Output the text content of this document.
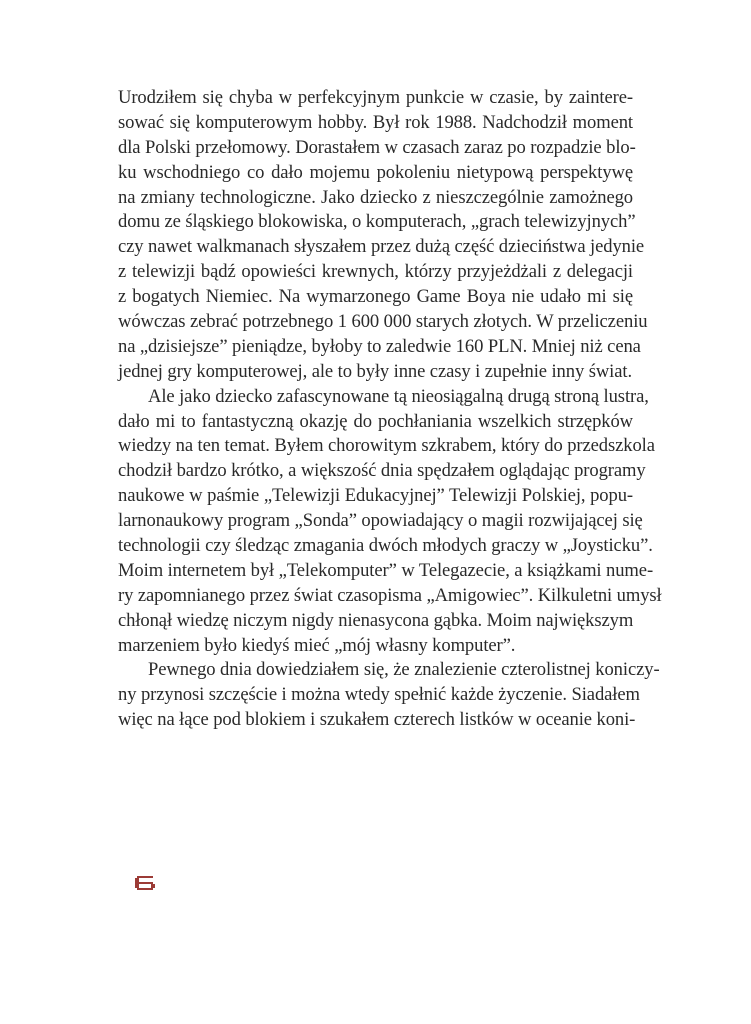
Urodziłem się chyba w perfekcyjnym punkcie w czasie, by zaintere-
sować się komputerowym hobby. Był rok 1988. Nadchodził moment
dla Polski przełomowy. Dorastałem w czasach zaraz po rozpadzie blo-
ku wschodniego co dało mojemu pokoleniu nietypową perspektywę
na zmiany technologiczne. Jako dziecko z nieszczególnie zamożnego
domu ze śląskiego blokowiska, o komputerach, „grach telewizyjnych”
czy nawet walkmanach słyszałem przez dużą część dzieciństwa jedynie
z telewizji bądź opowieści krewnych, którzy przyjeżdżali z delegacji
z bogatych Niemiec. Na wymarzonego Game Boya nie udało mi się
wówczas zebrać potrzebnego 1 600 000 starych złotych. W przeliczeniu
na „dzisiejsze” pieniądze, byłoby to zaledwie 160 PLN. Mniej niż cena
jednej gry komputerowej, ale to były inne czasy i zupełnie inny świat.
Ale jako dziecko zafascynowane tą nieosiągalną drugą stroną lustra,
dało mi to fantastyczną okazję do pochłaniania wszelkich strzępków
wiedzy na ten temat. Byłem chorowitym szkrabem, który do przedszkola
chodził bardzo krótko, a większość dnia spędzałem oglądając programy
naukowe w paśmie „Telewizji Edukacyjnej” Telewizji Polskiej, popu-
larnonaukowy program „Sonda” opowiadający o magii rozwijającej się
technologii czy śledząc zmagania dwóch młodych graczy w „Joysticku”.
Moim internetem był „Telekomputer” w Telegazecie, a książkami nume-
ry zapomnianego przez świat czasopisma „Amigowiec”. Kilkuletni umysł
chłonął wiedzę niczym nigdy nienasycona gąbka. Moim największym
marzeniem było kiedyś mieć „mój własny komputer”.
Pewnego dnia dowiedziałem się, że znalezienie czterolistnej koniczy-
ny przynosi szczęście i można wtedy spełnić każde życzenie. Siadałem
więc na łące pod blokiem i szukałem czterech listków w oceanie koni-
